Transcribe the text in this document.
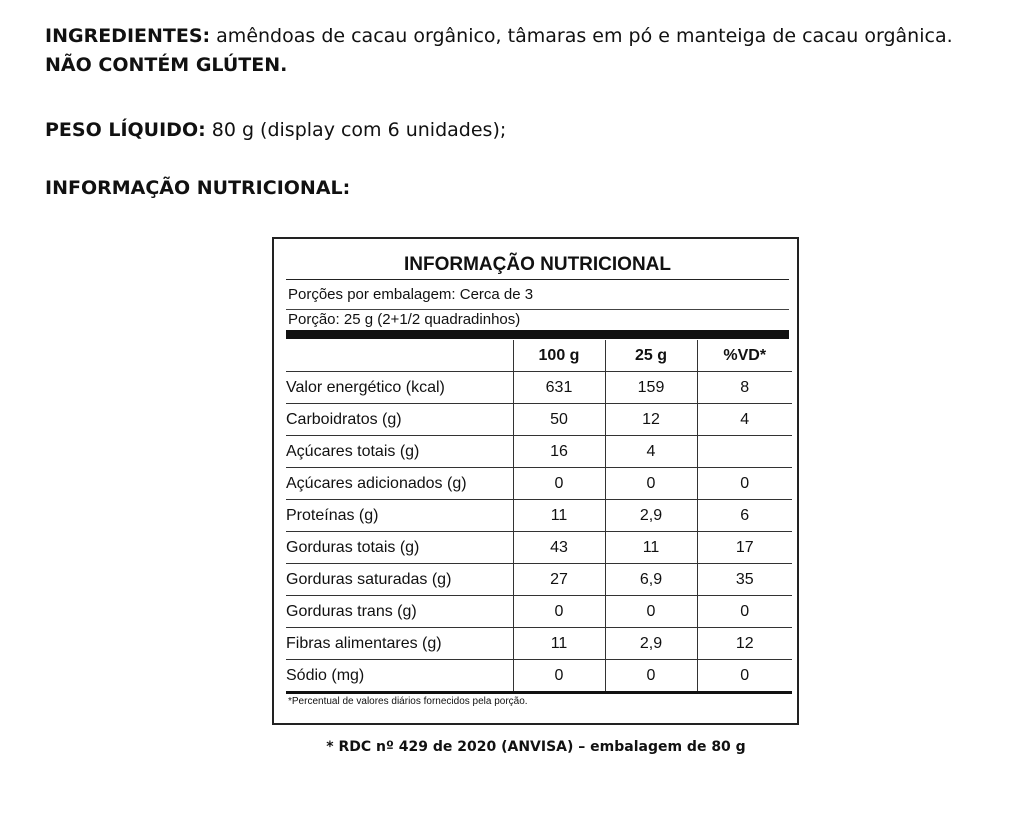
INGREDIENTES: amêndoas de cacau orgânico, tâmaras em pó e manteiga de cacau orgânica. NÃO CONTÉM GLÚTEN.

PESO LÍQUIDO: 80 g (display com 6 unidades);

INFORMAÇÃO NUTRICIONAL:

INFORMAÇÃO NUTRICIONAL
Porções por embalagem: Cerca de 3
Porção: 25 g (2+1/2 quadradinhos)
	100 g	25 g	%VD*
Valor energético (kcal)	631	159	8
Carboidratos (g)	50	12	4
Açúcares totais (g)	16	4	
Açúcares adicionados (g)	0	0	0
Proteínas (g)	11	2,9	6
Gorduras totais (g)	43	11	17
Gorduras saturadas (g)	27	6,9	35
Gorduras trans (g)	0	0	0
Fibras alimentares (g)	11	2,9	12
Sódio (mg)	0	0	0
*Percentual de valores diários fornecidos pela porção.
* RDC nº 429 de 2020 (ANVISA) – embalagem de 80 g
